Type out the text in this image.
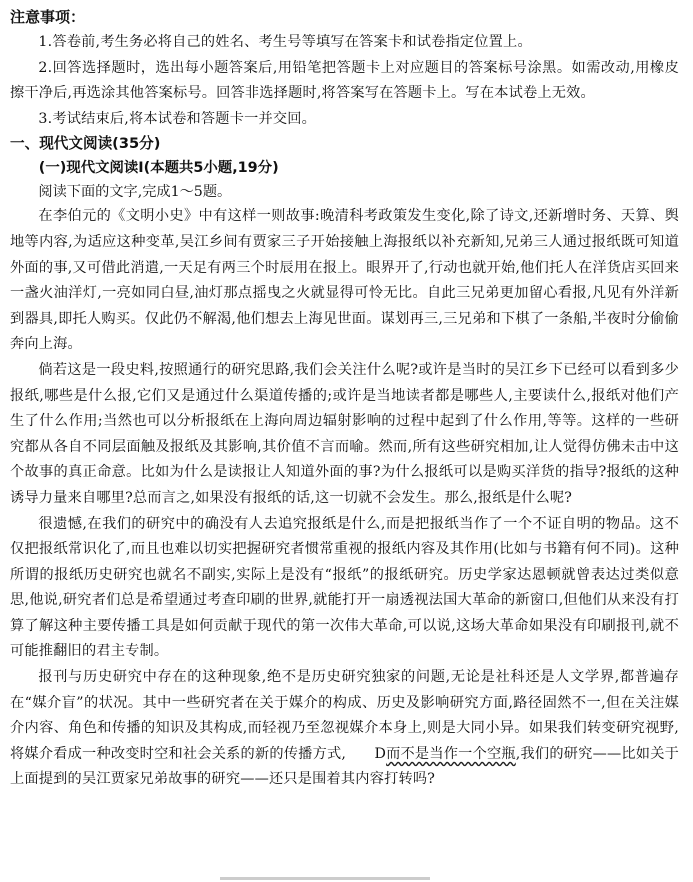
注意事项：

1.答卷前,考生务必将自己的姓名、考生号等填写在答案卡和试卷指定位置上。

2.回答选择题时，选出每小题答案后,用铅笔把答题卡上对应题目的答案标号涂黑。如需改动,用橡皮擦干净后,再选涂其他答案标号。回答非选择题时,将答案写在答题卡上。写在本试卷上无效。

3.考试结束后,将本试卷和答题卡一并交回。

一、现代文阅读(35分)
(一)现代文阅读Ⅰ(本题共5小题,19分)
阅读下面的文字,完成1～5题。

在李伯元的《文明小史》中有这样一则故事:晚清科考政策发生变化,除了诗文,还新增时务、天算、舆地等内容,为适应这种变革,吴江乡间有贾家三子开始接触上海报纸以补充新知,兄弟三人通过报纸既可知道外面的事,又可借此消遣,一天足有两三个时辰用在报上。眼界开了,行动也就开始,他们托人在洋货店买回来一盏火油洋灯,一亮如同白昼,油灯那点摇曳之火就显得可怜无比。自此三兄弟更加留心看报,凡见有外洋新到器具,即托人购买。仅此仍不解渴,他们想去上海见世面。谋划再三,三兄弟和下棋了一条船,半夜时分偷偷奔向上海。

倘若这是一段史料,按照通行的研究思路,我们会关注什么呢?或许是当时的吴江乡下已经可以看到多少报纸,哪些是什么报,它们又是通过什么渠道传播的;或许是当地读者都是哪些人,主要读什么,报纸对他们产生了什么作用;当然也可以分析报纸在上海向周边辐射影响的过程中起到了什么作用,等等。这样的一些研究都从各自不同层面触及报纸及其影响,其价值不言而喻。然而,所有这些研究相加,让人觉得仿佛未击中这个故事的真正命意。比如为什么是读报让人知道外面的事?为什么报纸可以是购买洋货的指导?报纸的这种诱导力量来自哪里?总而言之,如果没有报纸的话,这一切就不会发生。那么,报纸是什么呢?

很遗憾,在我们的研究中的确没有人去追究报纸是什么,而是把报纸当作了一个不证自明的物品。这不仅把报纸常识化了,而且也难以切实把握研究者惯常重视的报纸内容及其作用(比如与书籍有何不同)。这种所谓的报纸历史研究也就名不副实,实际上是没有“报纸”的报纸研究。历史学家达恩顿就曾表达过类似意思,他说,研究者们总是希望通过考查印刷的世界,就能打开一扇透视法国大革命的新窗口,但他们从来没有打算了解这种主要传播工具是如何贡献于现代的第一次伟大革命,可以说,这场大革命如果没有印刷报刊,就不可能推翻旧的君主专制。

报刊与历史研究中存在的这种现象,绝不是历史研究独家的问题,无论是社科还是人文学界,都普遍存在“媒介盲”的状况。其中一些研究者在关于媒介的构成、历史及影响研究方面,路径固然不一,但在关注媒介内容、角色和传播的知识及其构成,而轻视乃至忽视媒介本身上,则是大同小异。如果我们转变研究视野,将媒介看成一种改变时空和社会关系的新的传播方式, D而不是当作一个空瓶,我们的研究——比如关于上面提到的吴江贾家兄弟故事的研究——还只是围着其内容打转吗?
